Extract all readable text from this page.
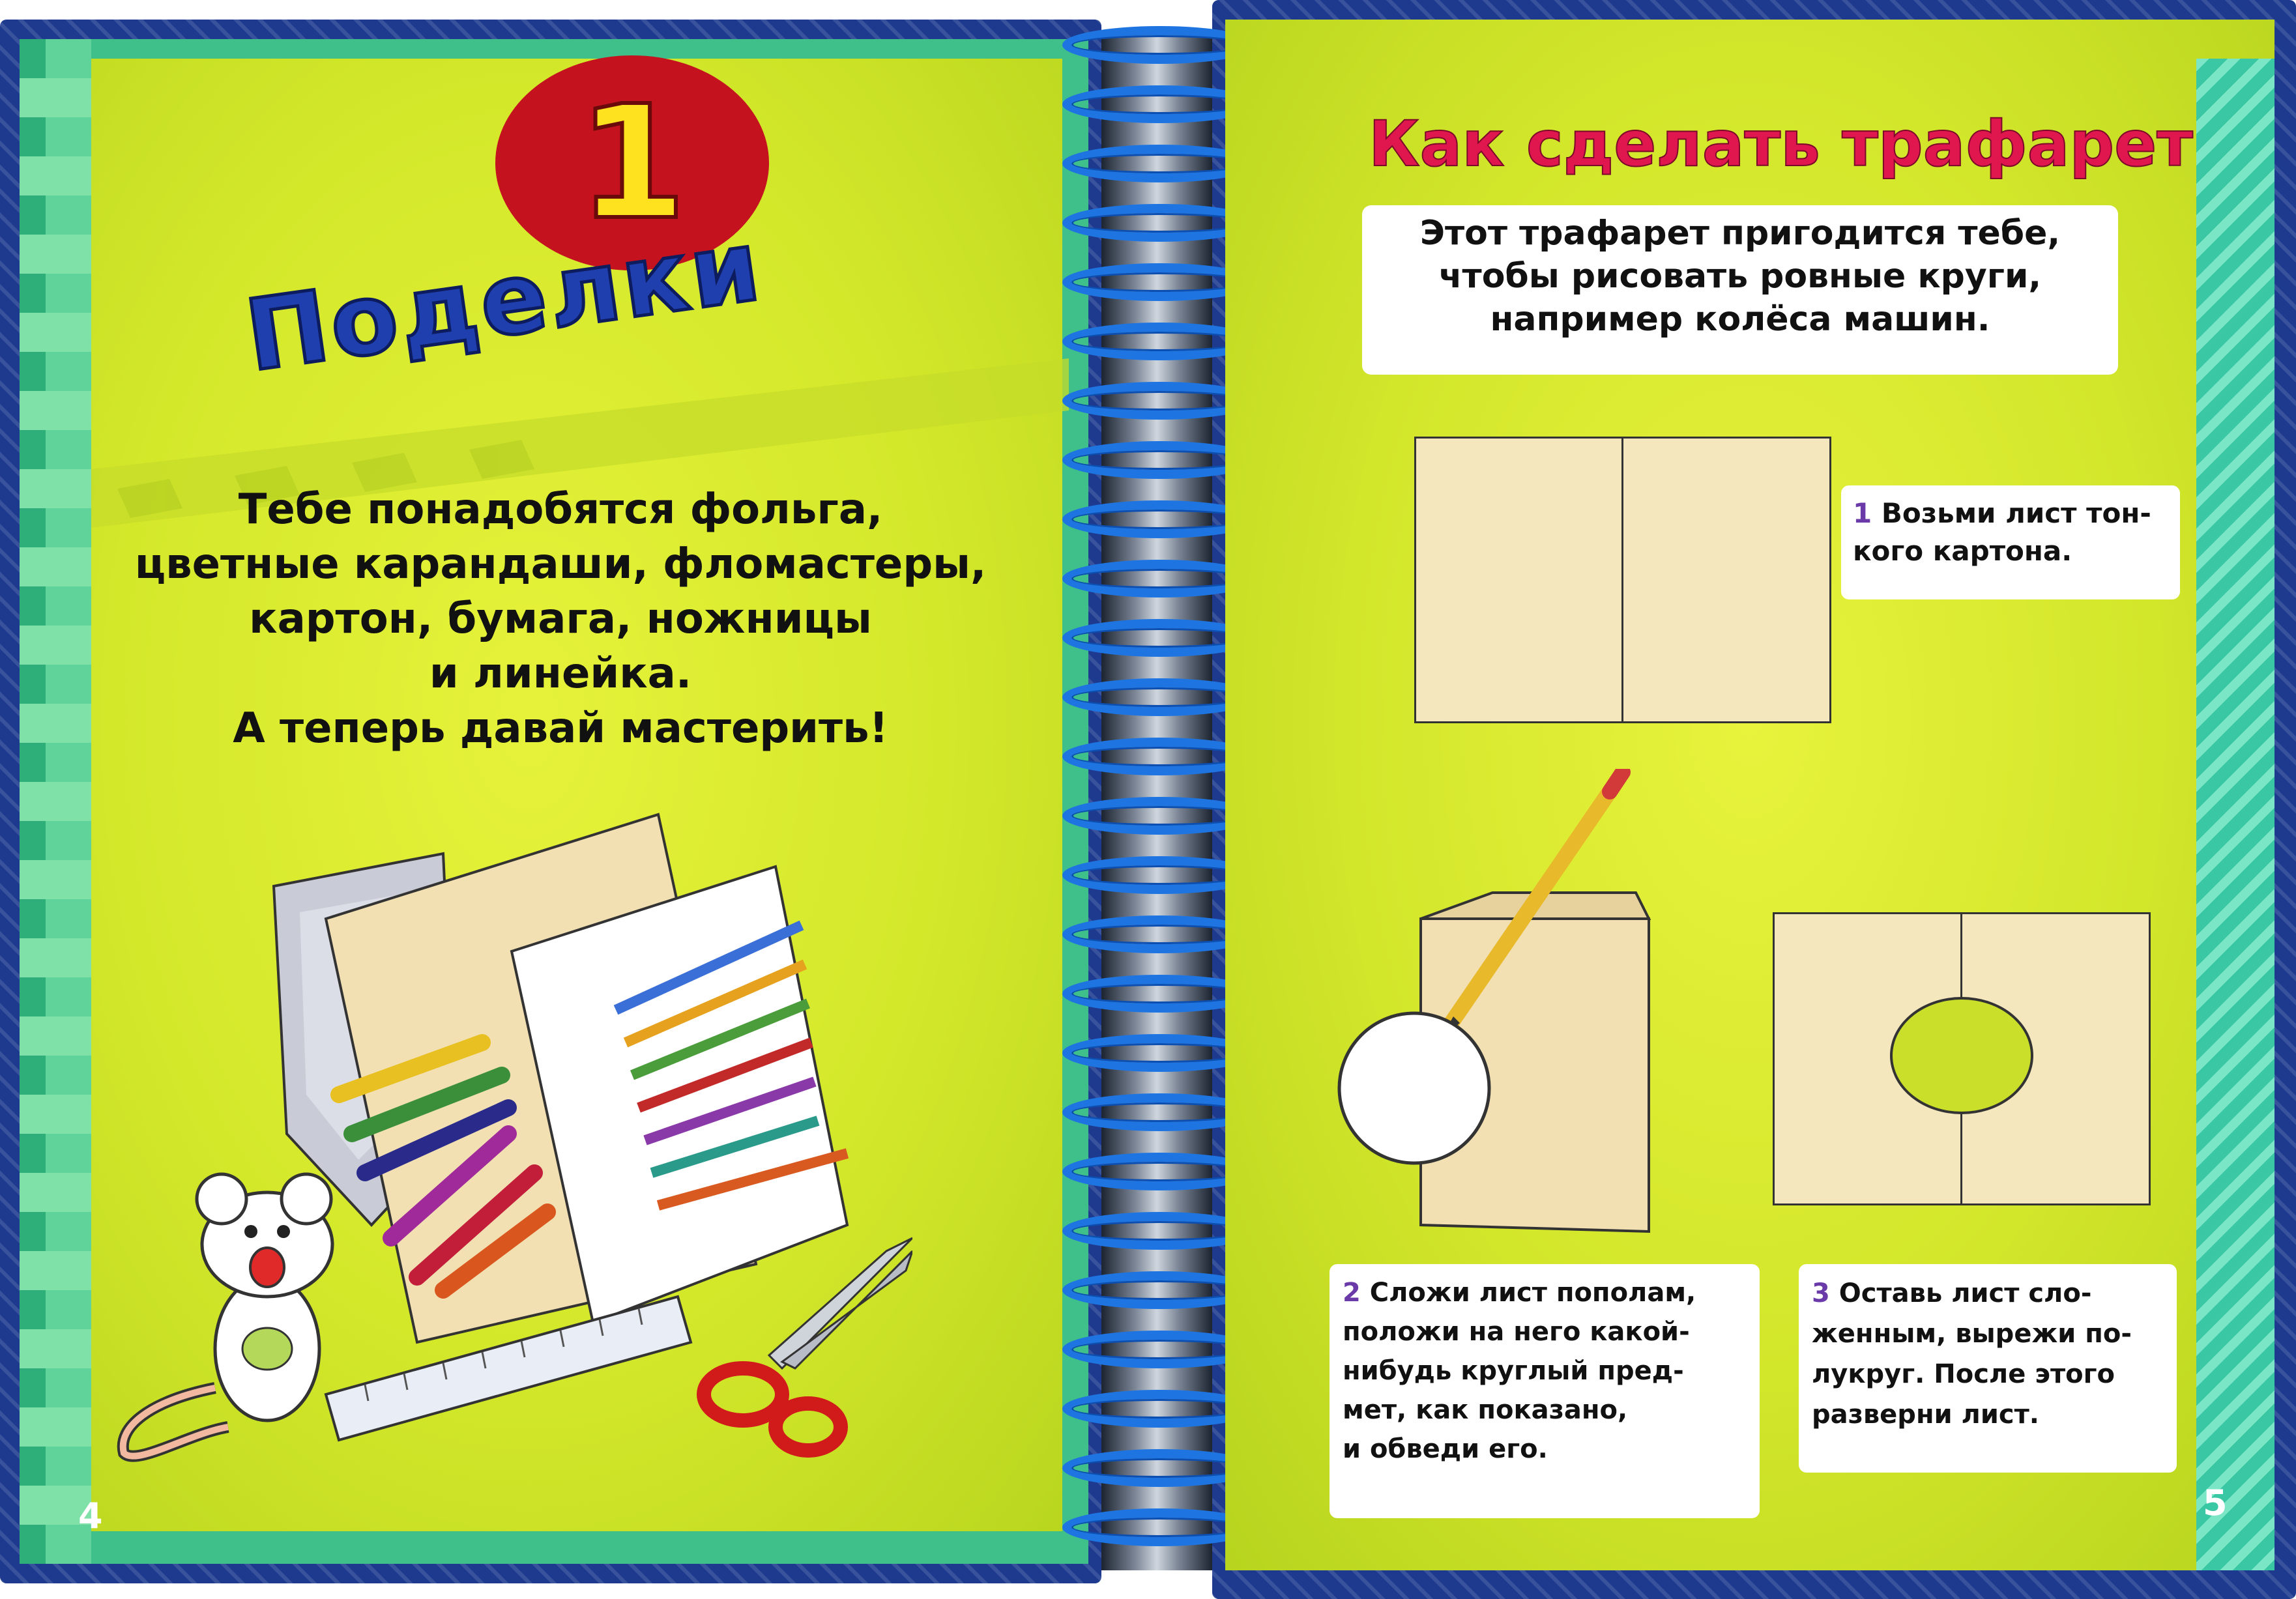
1
Поделки
Тебе понадобятся фольга,
цветные карандаши, фломастеры,
картон, бумага, ножницы
и линейка.
А теперь давай мастерить!
4
Как сделать трафарет
Этот трафарет пригодится тебе,
чтобы рисовать ровные круги,
например колёса машин.
1 Возьми лист тон-
кого картона.
2 Сложи лист пополам,
положи на него какой-
нибудь круглый пред-
мет, как показано,
и обведи его.
3 Оставь лист сло-
женным, вырежи по-
лукруг. После этого
разверни лист.
5
